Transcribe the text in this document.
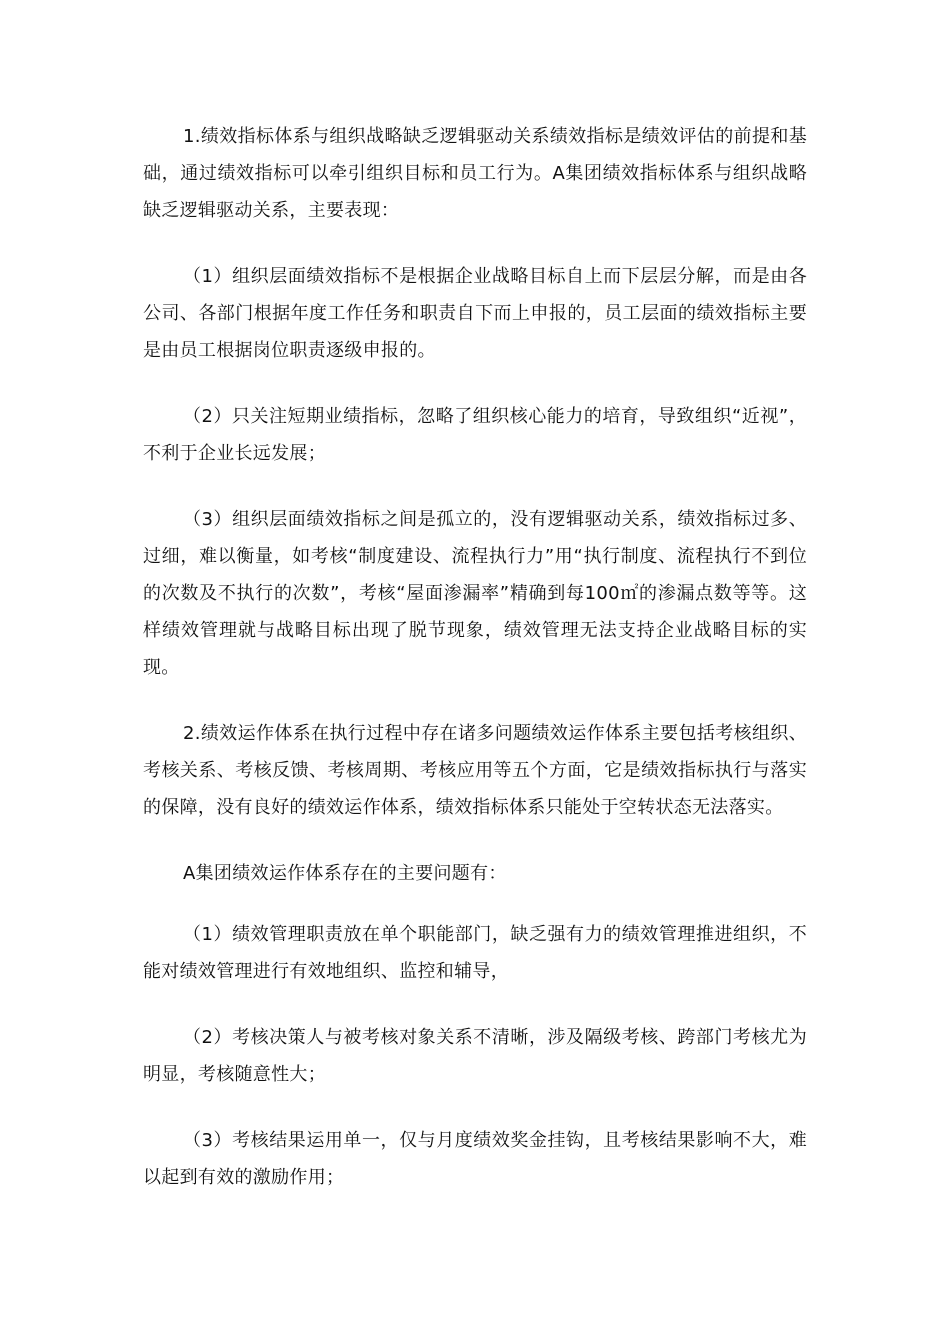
1.绩效指标体系与组织战略缺乏逻辑驱动关系绩效指标是绩效评估的前提和基础，通过绩效指标可以牵引组织目标和员工行为。A集团绩效指标体系与组织战略缺乏逻辑驱动关系，主要表现：

（1）组织层面绩效指标不是根据企业战略目标自上而下层层分解，而是由各公司、各部门根据年度工作任务和职责自下而上申报的，员工层面的绩效指标主要是由员工根据岗位职责逐级申报的。

（2）只关注短期业绩指标，忽略了组织核心能力的培育，导致组织“近视”，不利于企业长远发展；

（3）组织层面绩效指标之间是孤立的，没有逻辑驱动关系，绩效指标过多、过细，难以衡量，如考核“制度建设、流程执行力”用“执行制度、流程执行不到位的次数及不执行的次数”，考核“屋面渗漏率”精确到每100㎡的渗漏点数等等。这样绩效管理就与战略目标出现了脱节现象，绩效管理无法支持企业战略目标的实现。

2.绩效运作体系在执行过程中存在诸多问题绩效运作体系主要包括考核组织、考核关系、考核反馈、考核周期、考核应用等五个方面，它是绩效指标执行与落实的保障，没有良好的绩效运作体系，绩效指标体系只能处于空转状态无法落实。

A集团绩效运作体系存在的主要问题有：

（1）绩效管理职责放在单个职能部门，缺乏强有力的绩效管理推进组织，不能对绩效管理进行有效地组织、监控和辅导，

（2）考核决策人与被考核对象关系不清晰，涉及隔级考核、跨部门考核尤为明显，考核随意性大；

（3）考核结果运用单一，仅与月度绩效奖金挂钩，且考核结果影响不大，难以起到有效的激励作用；
